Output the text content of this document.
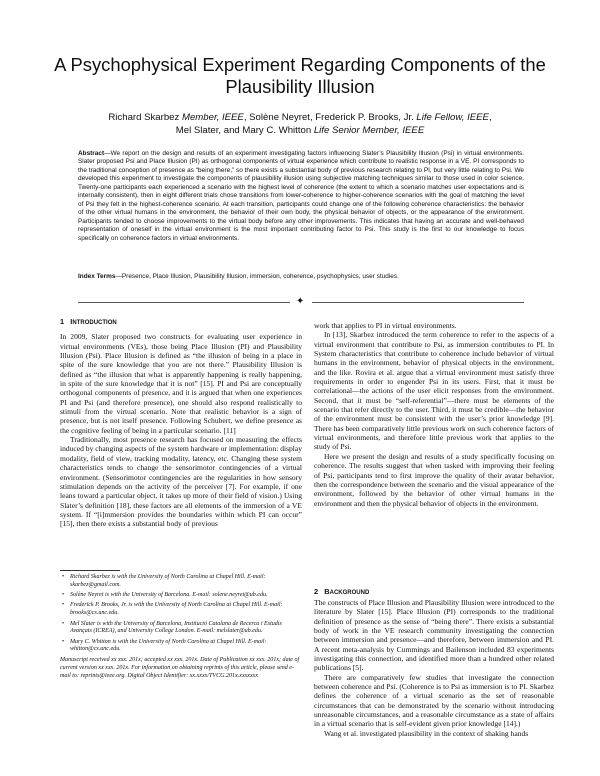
A Psychophysical Experiment Regarding Components of the
Plausibility Illusion
Richard Skarbez Member, IEEE, Solène Neyret, Frederick P. Brooks, Jr. Life Fellow, IEEE,
Mel Slater, and Mary C. Whitton Life Senior Member, IEEE
Abstract—We report on the design and results of an experiment investigating factors influencing Slater’s Plausibility Illusion (Psi) in virtual environments. Slater proposed Psi and Place Illusion (PI) as orthogonal components of virtual experience which contribute to realistic response in a VE. PI corresponds to the traditional conception of presence as “being there,” so there exists a substantial body of previous research relating to PI, but very little relating to Psi. We developed this experiment to investigate the components of plausibility illusion using subjective matching techniques similar to those used in color science. Twenty-one participants each experienced a scenario with the highest level of coherence (the extent to which a scenario matches user expectations and is internally consistent), then in eight different trials chose transitions from lower-coherence to higher-coherence scenarios with the goal of matching the level of Psi they felt in the highest-coherence scenario. At each transition, participants could change one of the following coherence characteristics: the behavior of the other virtual humans in the environment, the behavior of their own body, the physical behavior of objects, or the appearance of the environment. Participants tended to choose improvements to the virtual body before any other improvements. This indicates that having an accurate and well-behaved representation of oneself in the virtual environment is the most important contributing factor to Psi. This study is the first to our knowledge to focus specifically on coherence factors in virtual environments.
Index Terms—Presence, Place Illusion, Plausibility Illusion, immersion, coherence, psychophysics, user studies.
✦
1 INTRODUCTION

In 2009, Slater proposed two constructs for evaluating user experience in virtual environments (VEs), those being Place Illusion (PI) and Plausibility Illusion (Psi). Place Illusion is defined as “the illusion of being in a place in spite of the sure knowledge that you are not there.” Plausibility Illusion is defined as “the illusion that what is apparently happening is really happening, in spite of the sure knowledge that it is not” [15]. PI and Psi are conceptually orthogonal components of presence, and it is argued that when one experiences PI and Psi (and therefore presence), one should also respond realistically to stimuli from the virtual scenario. Note that realistic behavior is a sign of presence, but is not itself presence. Following Schubert, we define presence as the cognitive feeling of being in a particular scenario. [11]

Traditionally, most presence research has focused on measuring the effects induced by changing aspects of the system hardware or implementation: display modality, field of view, tracking modality, latency, etc. Changing these system characteristics tends to change the sensorimotor contingencies of a virtual environment. (Sensorimotor contingencies are the regularities in how sensory stimulation depends on the activity of the perceiver [7]. For example, if one leans toward a particular object, it takes up more of their field of vision.) Using Slater’s definition [18], these factors are all elements of the immersion of a VE system. If “[i]mmersion provides the boundaries within which PI can occur” [15], then there exists a substantial body of previous

• Richard Skarbez is with the University of North Carolina at Chapel Hill. E-mail: skarbez@gmail.com.
• Solène Neyret is with the University of Barcelona. E-mail: solene.neyret@ub.edu.
• Frederick P. Brooks, Jr. is with the University of North Carolina at Chapel Hill. E-mail: brooks@cs.unc.edu.
• Mel Slater is with the University of Barcelona, Institució Catalana de Recerca i Estudis Avançats (ICREA), and University College London. E-mail: melslater@ub.edu.
• Mary C. Whitton is with the University of North Carolina at Chapel Hill. E-mail: whitton@cs.unc.edu.

Manuscript received xx xxx. 201x; accepted xx xxx. 201x. Date of Publication xx xxx. 201x; date of current version xx xxx. 201x. For information on obtaining reprints of this article, please send e-mail to: reprints@ieee.org. Digital Object Identifier: xx.xxxx/TVCG.201x.xxxxxxx

work that applies to PI in virtual environments.

In [13], Skarbez introduced the term coherence to refer to the aspects of a virtual environment that contribute to Psi, as immersion contributes to PI. In System characteristics that contribute to coherence include behavior of virtual humans in the environment, behavior of physical objects in the environment, and the like. Rovira et al. argue that a virtual environment must satisfy three requirements in order to engender Psi in its users. First, that it must be correlational—the actions of the user elicit responses from the environment. Second, that it must be “self-referential”—there must be elements of the scenario that refer directly to the user. Third, it must be credible—the behavior of the environment must be consistent with the user’s prior knowledge [9]. There has been comparatively little previous work on such coherence factors of virtual environments, and therefore little previous work that applies to the study of Psi.

Here we present the design and results of a study specifically focusing on coherence. The results suggest that when tasked with improving their feeling of Psi, participants tend to first improve the quality of their avatar behavior, then the correspondence between the scenario and the visual appearance of the environment, followed by the behavior of other virtual humans in the environment and then the physical behavior of objects in the environment.

2 BACKGROUND

The constructs of Place Illusion and Plausibility Illusion were introduced to the literature by Slater [15]. Place Illusion (PI) corresponds to the traditional definition of presence as the sense of “being there”. There exists a substantial body of work in the VE research community investigating the connection between immersion and presence—and therefore, between immersion and PI. A recent meta-analysis by Cummings and Bailenson included 83 experiments investigating this connection, and identified more than a hundred other related publications [5].

There are comparatively few studies that investigate the connection between coherence and Psi. (Coherence is to Psi as immersion is to PI. Skarbez defines the coherence of a virtual scenario as the set of reasonable circumstances that can be demonstrated by the scenario without introducing unreasonable circumstances, and a reasonable circumstance as a state of affairs in a virtual scenario that is self-evident given prior knowledge [14].)

Wang et al. investigated plausibility in the context of shaking hands
